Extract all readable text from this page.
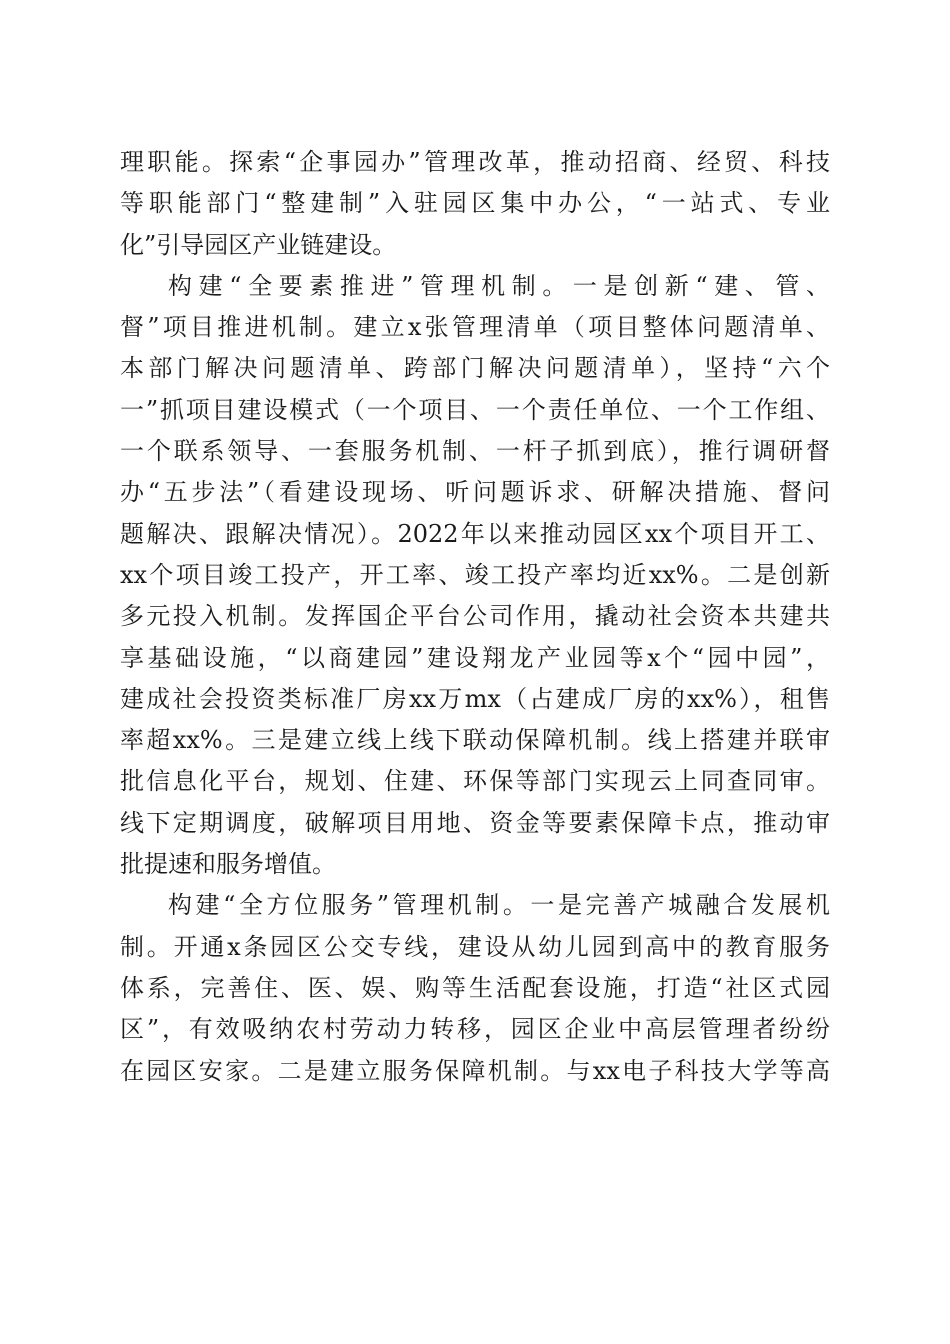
理职能。探索“企事园办”管理改革，推动招商、经贸、科技
等职能部门“整建制”入驻园区集中办公，“一站式、专业
化”引导园区产业链建设。
构建“全要素推进”管理机制。一是创新“建、管、
督”项目推进机制。建立x张管理清单（项目整体问题清单、
本部门解决问题清单、跨部门解决问题清单），坚持“六个
一”抓项目建设模式（一个项目、一个责任单位、一个工作组、
一个联系领导、一套服务机制、一杆子抓到底），推行调研督
办“五步法”（看建设现场、听问题诉求、研解决措施、督问
题解决、跟解决情况）。2022年以来推动园区xx个项目开工、
xx个项目竣工投产，开工率、竣工投产率均近xx%。二是创新
多元投入机制。发挥国企平台公司作用，撬动社会资本共建共
享基础设施，“以商建园”建设翔龙产业园等x个“园中园”，
建成社会投资类标准厂房xx万mx（占建成厂房的xx%），租售
率超xx%。三是建立线上线下联动保障机制。线上搭建并联审
批信息化平台，规划、住建、环保等部门实现云上同查同审。
线下定期调度，破解项目用地、资金等要素保障卡点，推动审
批提速和服务增值。
构建“全方位服务”管理机制。一是完善产城融合发展机
制。开通x条园区公交专线，建设从幼儿园到高中的教育服务
体系，完善住、医、娱、购等生活配套设施，打造“社区式园
区”，有效吸纳农村劳动力转移，园区企业中高层管理者纷纷
在园区安家。二是建立服务保障机制。与xx电子科技大学等高
